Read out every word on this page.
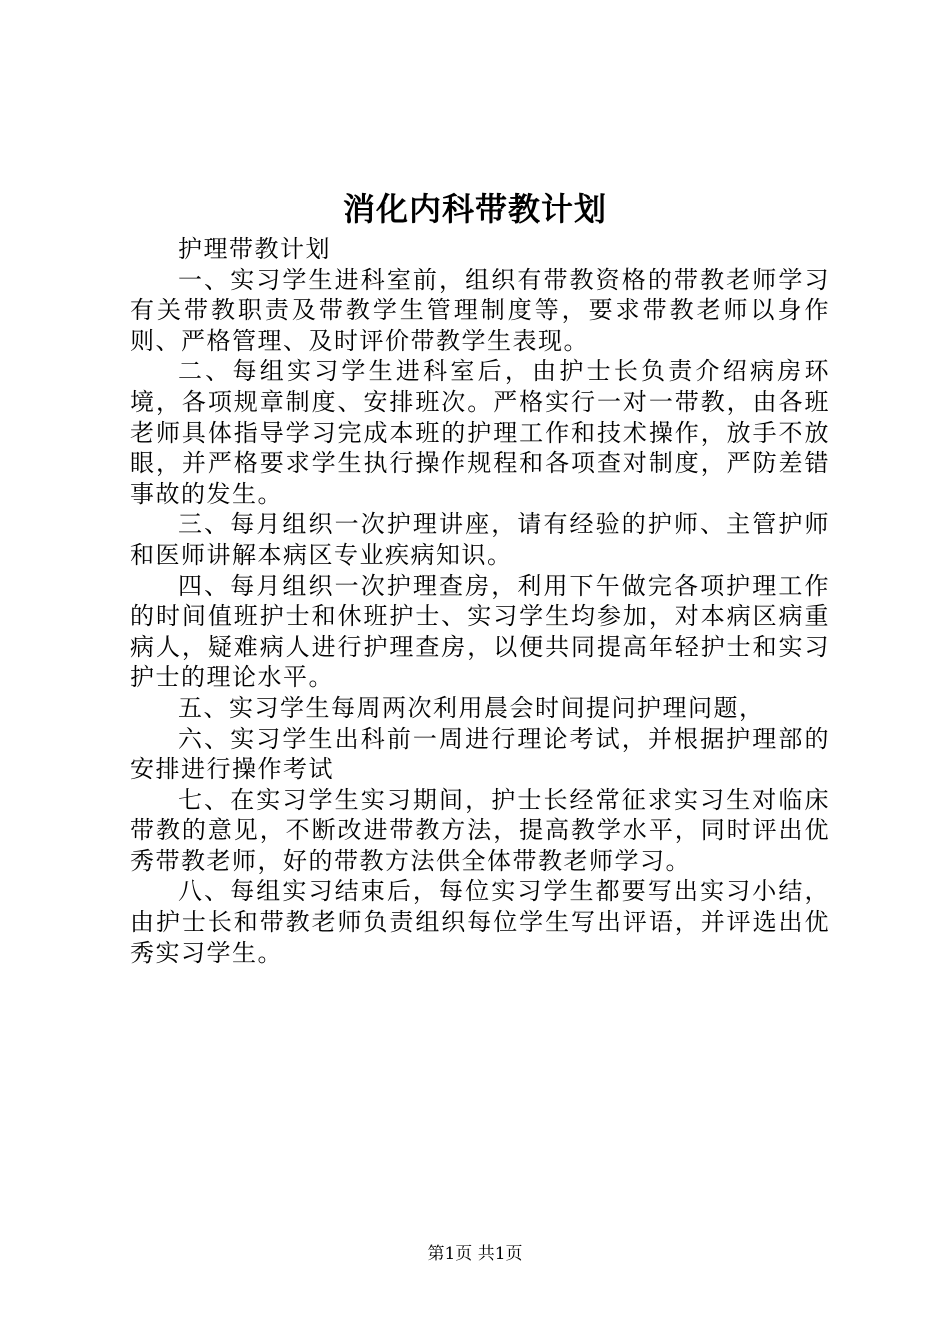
消化内科带教计划

护理带教计划

一、实习学生进科室前，组织有带教资格的带教老师学习有关带教职责及带教学生管理制度等，要求带教老师以身作则、严格管理、及时评价带教学生表现。

二、每组实习学生进科室后，由护士长负责介绍病房环境，各项规章制度、安排班次。严格实行一对一带教，由各班老师具体指导学习完成本班的护理工作和技术操作，放手不放眼，并严格要求学生执行操作规程和各项查对制度，严防差错事故的发生。

三、每月组织一次护理讲座，请有经验的护师、主管护师和医师讲解本病区专业疾病知识。

四、每月组织一次护理查房，利用下午做完各项护理工作的时间值班护士和休班护士、实习学生均参加，对本病区病重病人，疑难病人进行护理查房，以便共同提高年轻护士和实习护士的理论水平。

五、实习学生每周两次利用晨会时间提问护理问题，

六、实习学生出科前一周进行理论考试，并根据护理部的安排进行操作考试

七、在实习学生实习期间，护士长经常征求实习生对临床带教的意见，不断改进带教方法，提高教学水平，同时评出优秀带教老师，好的带教方法供全体带教老师学习。

八、每组实习结束后，每位实习学生都要写出实习小结，由护士长和带教老师负责组织每位学生写出评语，并评选出优秀实习学生。

第1页 共1页
